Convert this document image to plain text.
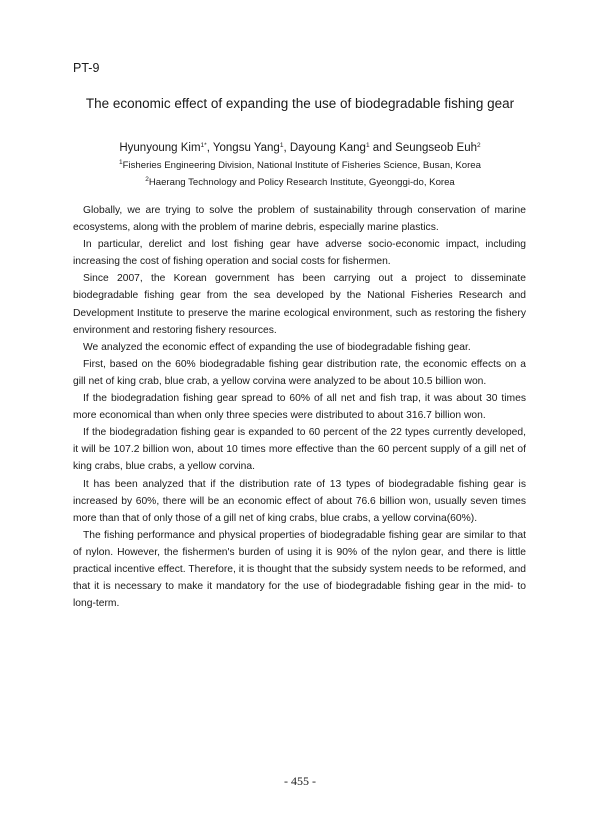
PT-9
The economic effect of expanding the use of biodegradable fishing gear
Hyunyoung Kim$^{1*}$, Yongsu Yang$^1$, Dayoung Kang$^1$ and Seungseob Euh$^2$
$^1$Fisheries Engineering Division, National Institute of Fisheries Science, Busan, Korea
$^2$Haerang Technology and Policy Research Institute, Gyeonggi-do, Korea

Globally, we are trying to solve the problem of sustainability through conservation of marine ecosystems, along with the problem of marine debris, especially marine plastics.

In particular, derelict and lost fishing gear have adverse socio-economic impact, including increasing the cost of fishing operation and social costs for fishermen.

Since 2007, the Korean government has been carrying out a project to disseminate biodegradable fishing gear from the sea developed by the National Fisheries Research and Development Institute to preserve the marine ecological environment, such as restoring the fishery environment and restoring fishery resources.

We analyzed the economic effect of expanding the use of biodegradable fishing gear.

First, based on the 60% biodegradable fishing gear distribution rate, the economic effects on a gill net of king crab, blue crab, a yellow corvina were analyzed to be about 10.5 billion won.

If the biodegradation fishing gear spread to 60% of all net and fish trap, it was about 30 times more economical than when only three species were distributed to about 316.7 billion won.

If the biodegradation fishing gear is expanded to 60 percent of the 22 types currently developed, it will be 107.2 billion won, about 10 times more effective than the 60 percent supply of a gill net of king crabs, blue crabs, a yellow corvina.

It has been analyzed that if the distribution rate of 13 types of biodegradable fishing gear is increased by 60%, there will be an economic effect of about 76.6 billion won, usually seven times more than that of only those of a gill net of king crabs, blue crabs, a yellow corvina(60%).

The fishing performance and physical properties of biodegradable fishing gear are similar to that of nylon. However, the fishermen's burden of using it is 90% of the nylon gear, and there is little practical incentive effect. Therefore, it is thought that the subsidy system needs to be reformed, and that it is necessary to make it mandatory for the use of biodegradable fishing gear in the mid- to long-term.

- 455 -
